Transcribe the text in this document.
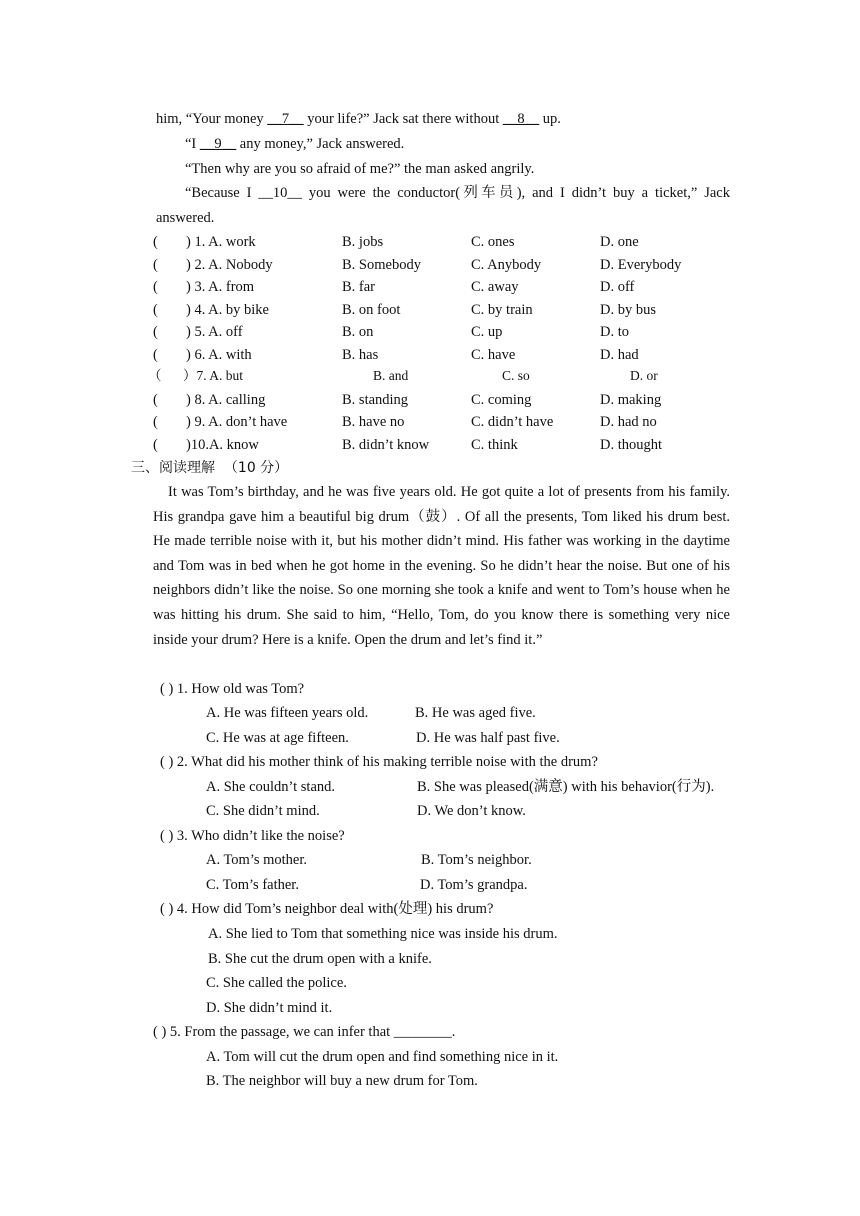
him, “Your money __7__ your life?” Jack sat there without __8__ up.
“I __9__ any money,” Jack answered.
“Then why are you so afraid of me?” the man asked angrily.
“Because I __10__ you were the conductor(列车员), and I didn’t buy a ticket,” Jack
answered.
( ) 1. A. work	B. jobs	C. ones	D. one
( ) 2. A. Nobody	B. Somebody	C. Anybody	D. Everybody
( ) 3. A. from	B. far	C. away	D. off
( ) 4. A. by bike	B. on foot	C. by train	D. by bus
( ) 5. A. off	B. on	C. up	D. to
( ) 6. A. with	B. has	C. have	D. had
（ ）7. A. but	B. and	C. so	D. or
( ) 8. A. calling	B. standing	C. coming	D. making
( ) 9. A. don’t have	B. have no	C. didn’t have	D. had no
( )10.A. know	B. didn’t know	C. think	D. thought
三、阅读理解 （10 分）
It was Tom’s birthday, and he was five years old. He got quite a lot of presents from his family. His grandpa gave him a beautiful big drum（鼓）. Of all the presents, Tom liked his drum best. He made terrible noise with it, but his mother didn’t mind. His father was working in the daytime and Tom was in bed when he got home in the evening. So he didn’t hear the noise. But one of his neighbors didn’t like the noise. So one morning she took a knife and went to Tom’s house when he was hitting his drum. She said to him, “Hello, Tom, do you know there is something very nice inside your drum? Here is a knife. Open the drum and let’s find it.”
( ) 1. How old was Tom?
A. He was fifteen years old.	B. He was aged five.
C. He was at age fifteen.	D. He was half past five.
( ) 2. What did his mother think of his making terrible noise with the drum?
A. She couldn’t stand.	B. She was pleased(满意) with his behavior(行为).
C. She didn’t mind.	D. We don’t know.
( ) 3. Who didn’t like the noise?
A. Tom’s mother.	B. Tom’s neighbor.
C. Tom’s father.	D. Tom’s grandpa.
( ) 4. How did Tom’s neighbor deal with(处理) his drum?
A. She lied to Tom that something nice was inside his drum.
B. She cut the drum open with a knife.
C. She called the police.
D. She didn’t mind it.
( ) 5. From the passage, we can infer that ________.
A. Tom will cut the drum open and find something nice in it.
B. The neighbor will buy a new drum for Tom.
